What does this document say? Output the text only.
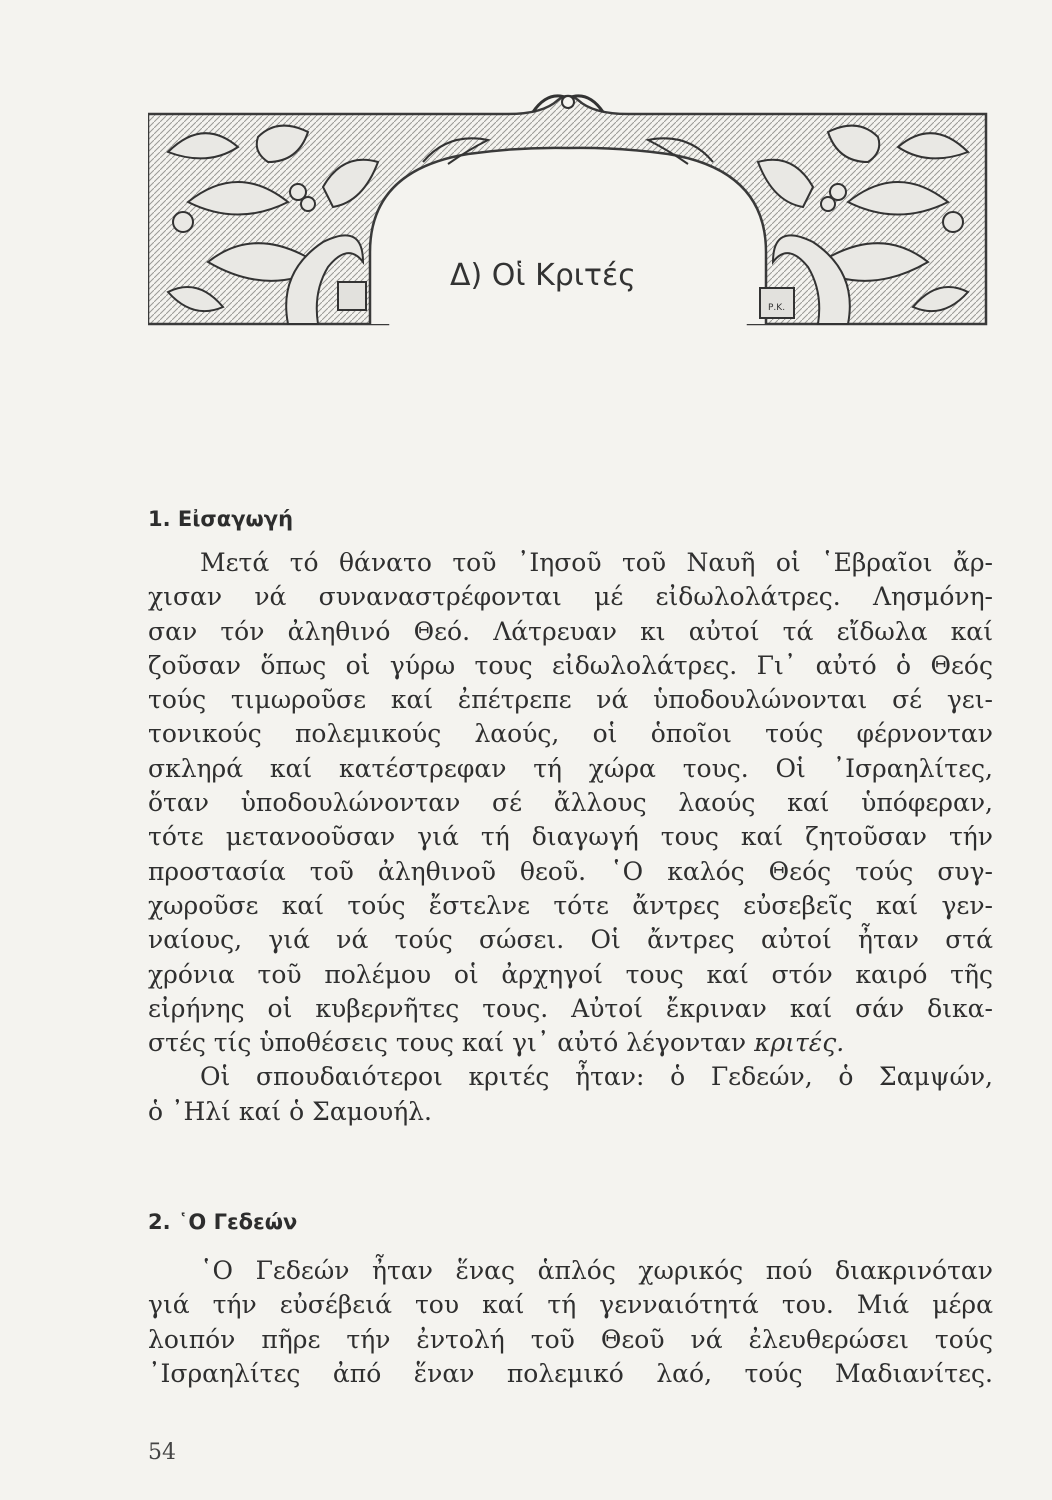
Ρ.Κ.
Δ) Οἱ Κριτές
1. Εἰσαγωγή
Μετά τό θάνατο τοῦ ᾿Ιησοῦ τοῦ Ναυῆ οἱ ῾Εβραῖοι ἄρ-
χισαν νά συναναστρέφονται μέ εἰδωλολάτρες. Λησμόνη-
σαν τόν ἀληθινό Θεό. Λάτρευαν κι αὐτοί τά εἴδωλα καί
ζοῦσαν ὅπως οἱ γύρω τους εἰδωλολάτρες. Γι᾿ αὐτό ὁ Θεός
τούς τιμωροῦσε καί ἐπέτρεπε νά ὑποδουλώνονται σέ γει-
τονικούς πολεμικούς λαούς, οἱ ὁποῖοι τούς φέρνονταν
σκληρά καί κατέστρεφαν τή χώρα τους. Οἱ ᾿Ισραηλίτες,
ὅταν ὑποδουλώνονταν σέ ἄλλους λαούς καί ὑπόφεραν,
τότε μετανοοῦσαν γιά τή διαγωγή τους καί ζητοῦσαν τήν
προστασία τοῦ ἀληθινοῦ θεοῦ. ῾Ο καλός Θεός τούς συγ-
χωροῦσε καί τούς ἔστελνε τότε ἄντρες εὐσεβεῖς καί γεν-
ναίους, γιά νά τούς σώσει. Οἱ ἄντρες αὐτοί ἦταν στά
χρόνια τοῦ πολέμου οἱ ἀρχηγοί τους καί στόν καιρό τῆς
εἰρήνης οἱ κυβερνῆτες τους. Αὐτοί ἔκριναν καί σάν δικα-
στές τίς ὑποθέσεις τους καί γι᾿ αὐτό λέγονταν κριτές.
Οἱ σπουδαιότεροι κριτές ἦταν: ὁ Γεδεών, ὁ Σαμψών,
ὁ ᾿Ηλί καί ὁ Σαμουήλ.
2. ῾Ο Γεδεών
῾Ο Γεδεών ἦταν ἕνας ἁπλός χωρικός πού διακρινόταν
γιά τήν εὐσέβειά του καί τή γενναιότητά του. Μιά μέρα
λοιπόν πῆρε τήν ἐντολή τοῦ Θεοῦ νά ἐλευθερώσει τούς
᾿Ισραηλίτες ἀπό ἕναν πολεμικό λαό, τούς Μαδιανίτες.
54
